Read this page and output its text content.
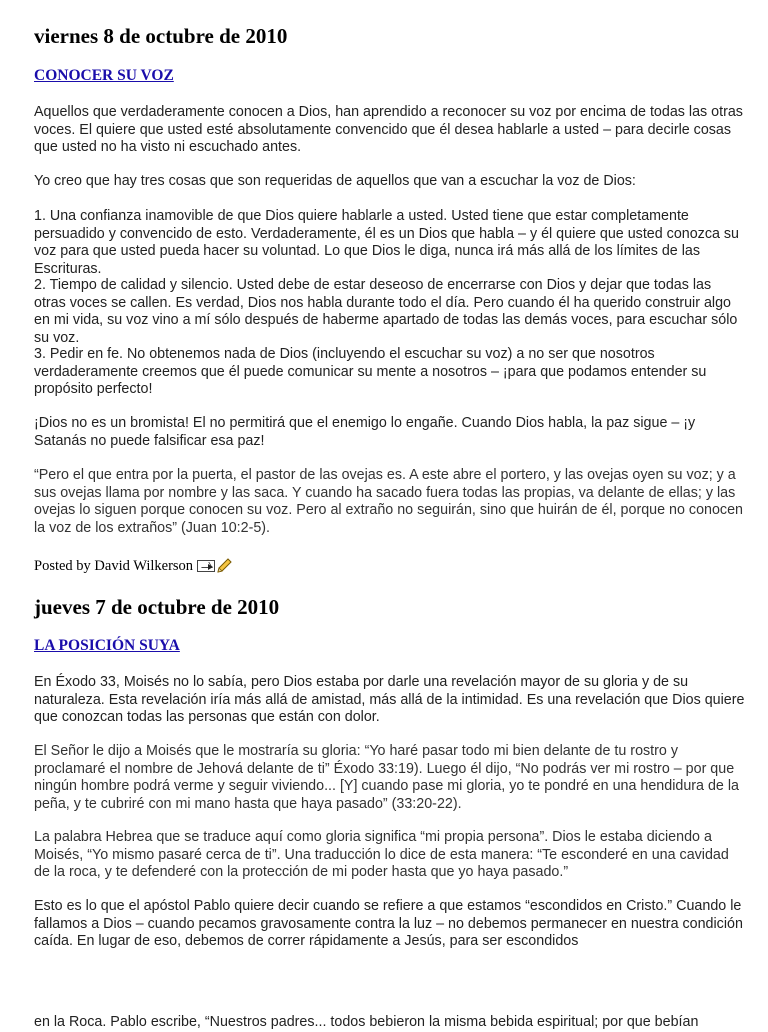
viernes 8 de octubre de 2010
CONOCER SU VOZ

Aquellos que verdaderamente conocen a Dios, han aprendido a reconocer su voz por encima de todas las otras voces. El quiere que usted esté absolutamente convencido que él desea hablarle a usted – para decirle cosas que usted no ha visto ni escuchado antes.

Yo creo que hay tres cosas que son requeridas de aquellos que van a escuchar la voz de Dios:

1. Una confianza inamovible de que Dios quiere hablarle a usted. Usted tiene que estar completamente persuadido y convencido de esto. Verdaderamente, él es un Dios que habla – y él quiere que usted conozca su voz para que usted pueda hacer su voluntad. Lo que Dios le diga, nunca irá más allá de los límites de las Escrituras.

2. Tiempo de calidad y silencio. Usted debe de estar deseoso de encerrarse con Dios y dejar que todas las otras voces se callen. Es verdad, Dios nos habla durante todo el día. Pero cuando él ha querido construir algo en mi vida, su voz vino a mí sólo después de haberme apartado de todas las demás voces, para escuchar sólo su voz.

3. Pedir en fe. No obtenemos nada de Dios (incluyendo el escuchar su voz) a no ser que nosotros verdaderamente creemos que él puede comunicar su mente a nosotros – ¡para que podamos entender su propósito perfecto!

¡Dios no es un bromista! El no permitirá que el enemigo lo engañe. Cuando Dios habla, la paz sigue – ¡y Satanás no puede falsificar esa paz!

“Pero el que entra por la puerta, el pastor de las ovejas es. A este abre el portero, y las ovejas oyen su voz; y a sus ovejas llama por nombre y las saca. Y cuando ha sacado fuera todas las propias, va delante de ellas; y las ovejas lo siguen porque conocen su voz. Pero al extraño no seguirán, sino que huirán de él, porque no conocen la voz de los extraños” (Juan 10:2-5).

Posted by David Wilkerson
jueves 7 de octubre de 2010
LA POSICIÓN SUYA

En Éxodo 33, Moisés no lo sabía, pero Dios estaba por darle una revelación mayor de su gloria y de su naturaleza. Esta revelación iría más allá de amistad, más allá de la intimidad. Es una revelación que Dios quiere que conozcan todas las personas que están con dolor.

El Señor le dijo a Moisés que le mostraría su gloria: “Yo haré pasar todo mi bien delante de tu rostro y proclamaré el nombre de Jehová delante de ti” Éxodo 33:19). Luego él dijo, “No podrás ver mi rostro – por que ningún hombre podrá verme y seguir viviendo... [Y] cuando pase mi gloria, yo te pondré en una hendidura de la peña, y te cubriré con mi mano hasta que haya pasado” (33:20-22).

La palabra Hebrea que se traduce aquí como gloria significa “mi propia persona”. Dios le estaba diciendo a Moisés, “Yo mismo pasaré cerca de ti”. Una traducción lo dice de esta manera: “Te esconderé en una cavidad de la roca, y te defenderé con la protección de mi poder hasta que yo haya pasado.”

Esto es lo que el apóstol Pablo quiere decir cuando se refiere a que estamos “escondidos en Cristo.” Cuando le fallamos a Dios – cuando pecamos gravosamente contra la luz – no debemos permanecer en nuestra condición caída. En lugar de eso, debemos de correr rápidamente a Jesús, para ser escondidos

en la Roca. Pablo escribe, “Nuestros padres... todos bebieron la misma bebida espiritual; por que bebían
